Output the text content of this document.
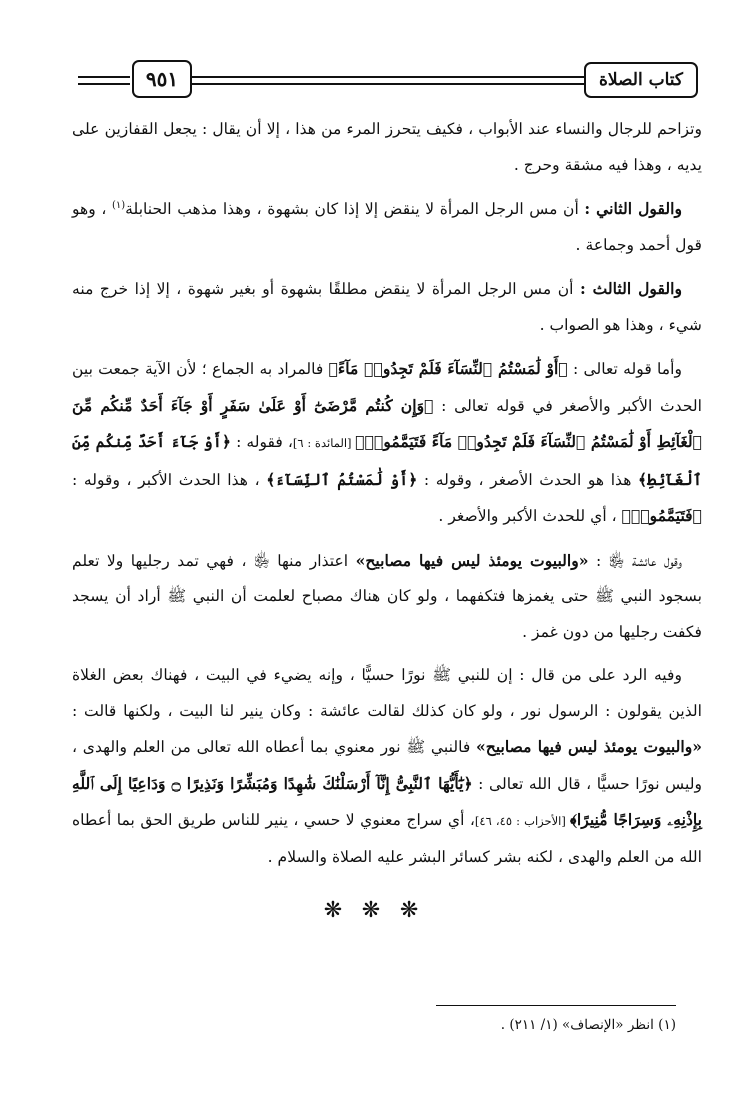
كتاب الصلاة
٩٥١

وتزاحم للرجال والنساء عند الأبواب ، فكيف يتحرز المرء من هذا ، إلا أن يقال : يجعل القفازين على يديه ، وهذا فيه مشقة وحرج .

والقول الثاني : أن مس الرجل المرأة لا ينقض إلا إذا كان بشهوة ، وهذا مذهب الحنابلة$^{(١)}$ ، وهو قول أحمد وجماعة .

والقول الثالث : أن مس الرجل المرأة لا ينقض مطلقًا بشهوة أو بغير شهوة ، إلا إذا خرج منه شيء ، وهذا هو الصواب .

وأما قوله تعالى : ﴿أَوْ لَٰمَسْتُمُ ٱلنِّسَآءَ فَلَمْ تَجِدُوا۟ مَآءً﴾ فالمراد به الجماع ؛ لأن الآية جمعت بين الحدث الأكبر والأصغر في قوله تعالى : ﴿وَإِن كُنتُم مَّرْضَىٰٓ أَوْ عَلَىٰ سَفَرٍ أَوْ جَآءَ أَحَدٌ مِّنكُم مِّنَ ٱلْغَآئِطِ أَوْ لَٰمَسْتُمُ ٱلنِّسَآءَ فَلَمْ تَجِدُوا۟ مَآءً فَتَيَمَّمُوا۟﴾ [المائدة : ٦]، فقوله : ﴿أَوْ جَآءَ أَحَدٌ مِّنكُم مِّنَ ٱلْغَآئِطِ﴾ هذا هو الحدث الأصغر ، وقوله : ﴿أَوْ لَٰمَسْتُمُ ٱلنِّسَآءَ﴾ ، هذا الحدث الأكبر ، وقوله : ﴿فَتَيَمَّمُوا۟﴾ ، أي للحدث الأكبر والأصغر .

وقول عائشة ﵂ : «والبيوت يومئذ ليس فيها مصابيح» اعتذار منها ﵂ ، فهي تمد رجليها ولا تعلم بسجود النبي ﷺ حتى يغمزها فتكفهما ، ولو كان هناك مصباح لعلمت أن النبي ﷺ أراد أن يسجد فكفت رجليها من دون غمز .

وفيه الرد على من قال : إن للنبي ﷺ نورًا حسيًّا ، وإنه يضيء في البيت ، فهناك بعض الغلاة الذين يقولون : الرسول نور ، ولو كان كذلك لقالت عائشة : وكان ينير لنا البيت ، ولكنها قالت : «والبيوت يومئذ ليس فيها مصابيح» فالنبي ﷺ نور معنوي بما أعطاه الله تعالى من العلم والهدى ، وليس نورًا حسيًّا ، قال الله تعالى : ﴿يَٰٓأَيُّهَا ٱلنَّبِىُّ إِنَّآ أَرْسَلْنَٰكَ شَٰهِدًا وَمُبَشِّرًا وَنَذِيرًا ۝ وَدَاعِيًا إِلَى ٱللَّهِ بِإِذْنِهِۦ وَسِرَاجًا مُّنِيرًا﴾ [الأحزاب : ٤٥، ٤٦]، أي سراج معنوي لا حسي ، ينير للناس طريق الحق بما أعطاه الله من العلم والهدى ، لكنه بشر كسائر البشر عليه الصلاة والسلام .

❋ ❋ ❋
(١) انظر «الإنصاف» (١/ ٢١١) .
